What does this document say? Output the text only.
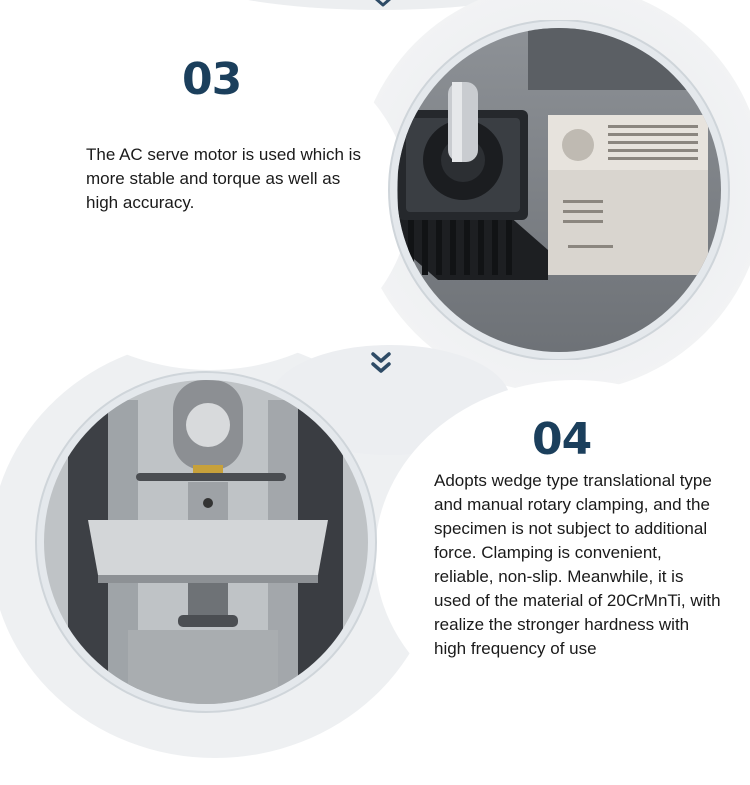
03

The AC serve motor is used which is more stable and torque as well as high accuracy.

04

Adopts wedge type translational type and manual rotary clamping, and the specimen is not subject to additional force. Clamping is convenient, reliable, non-slip. Meanwhile, it is used of the material of 20CrMnTi, with realize the stronger hardness with high frequency of use
